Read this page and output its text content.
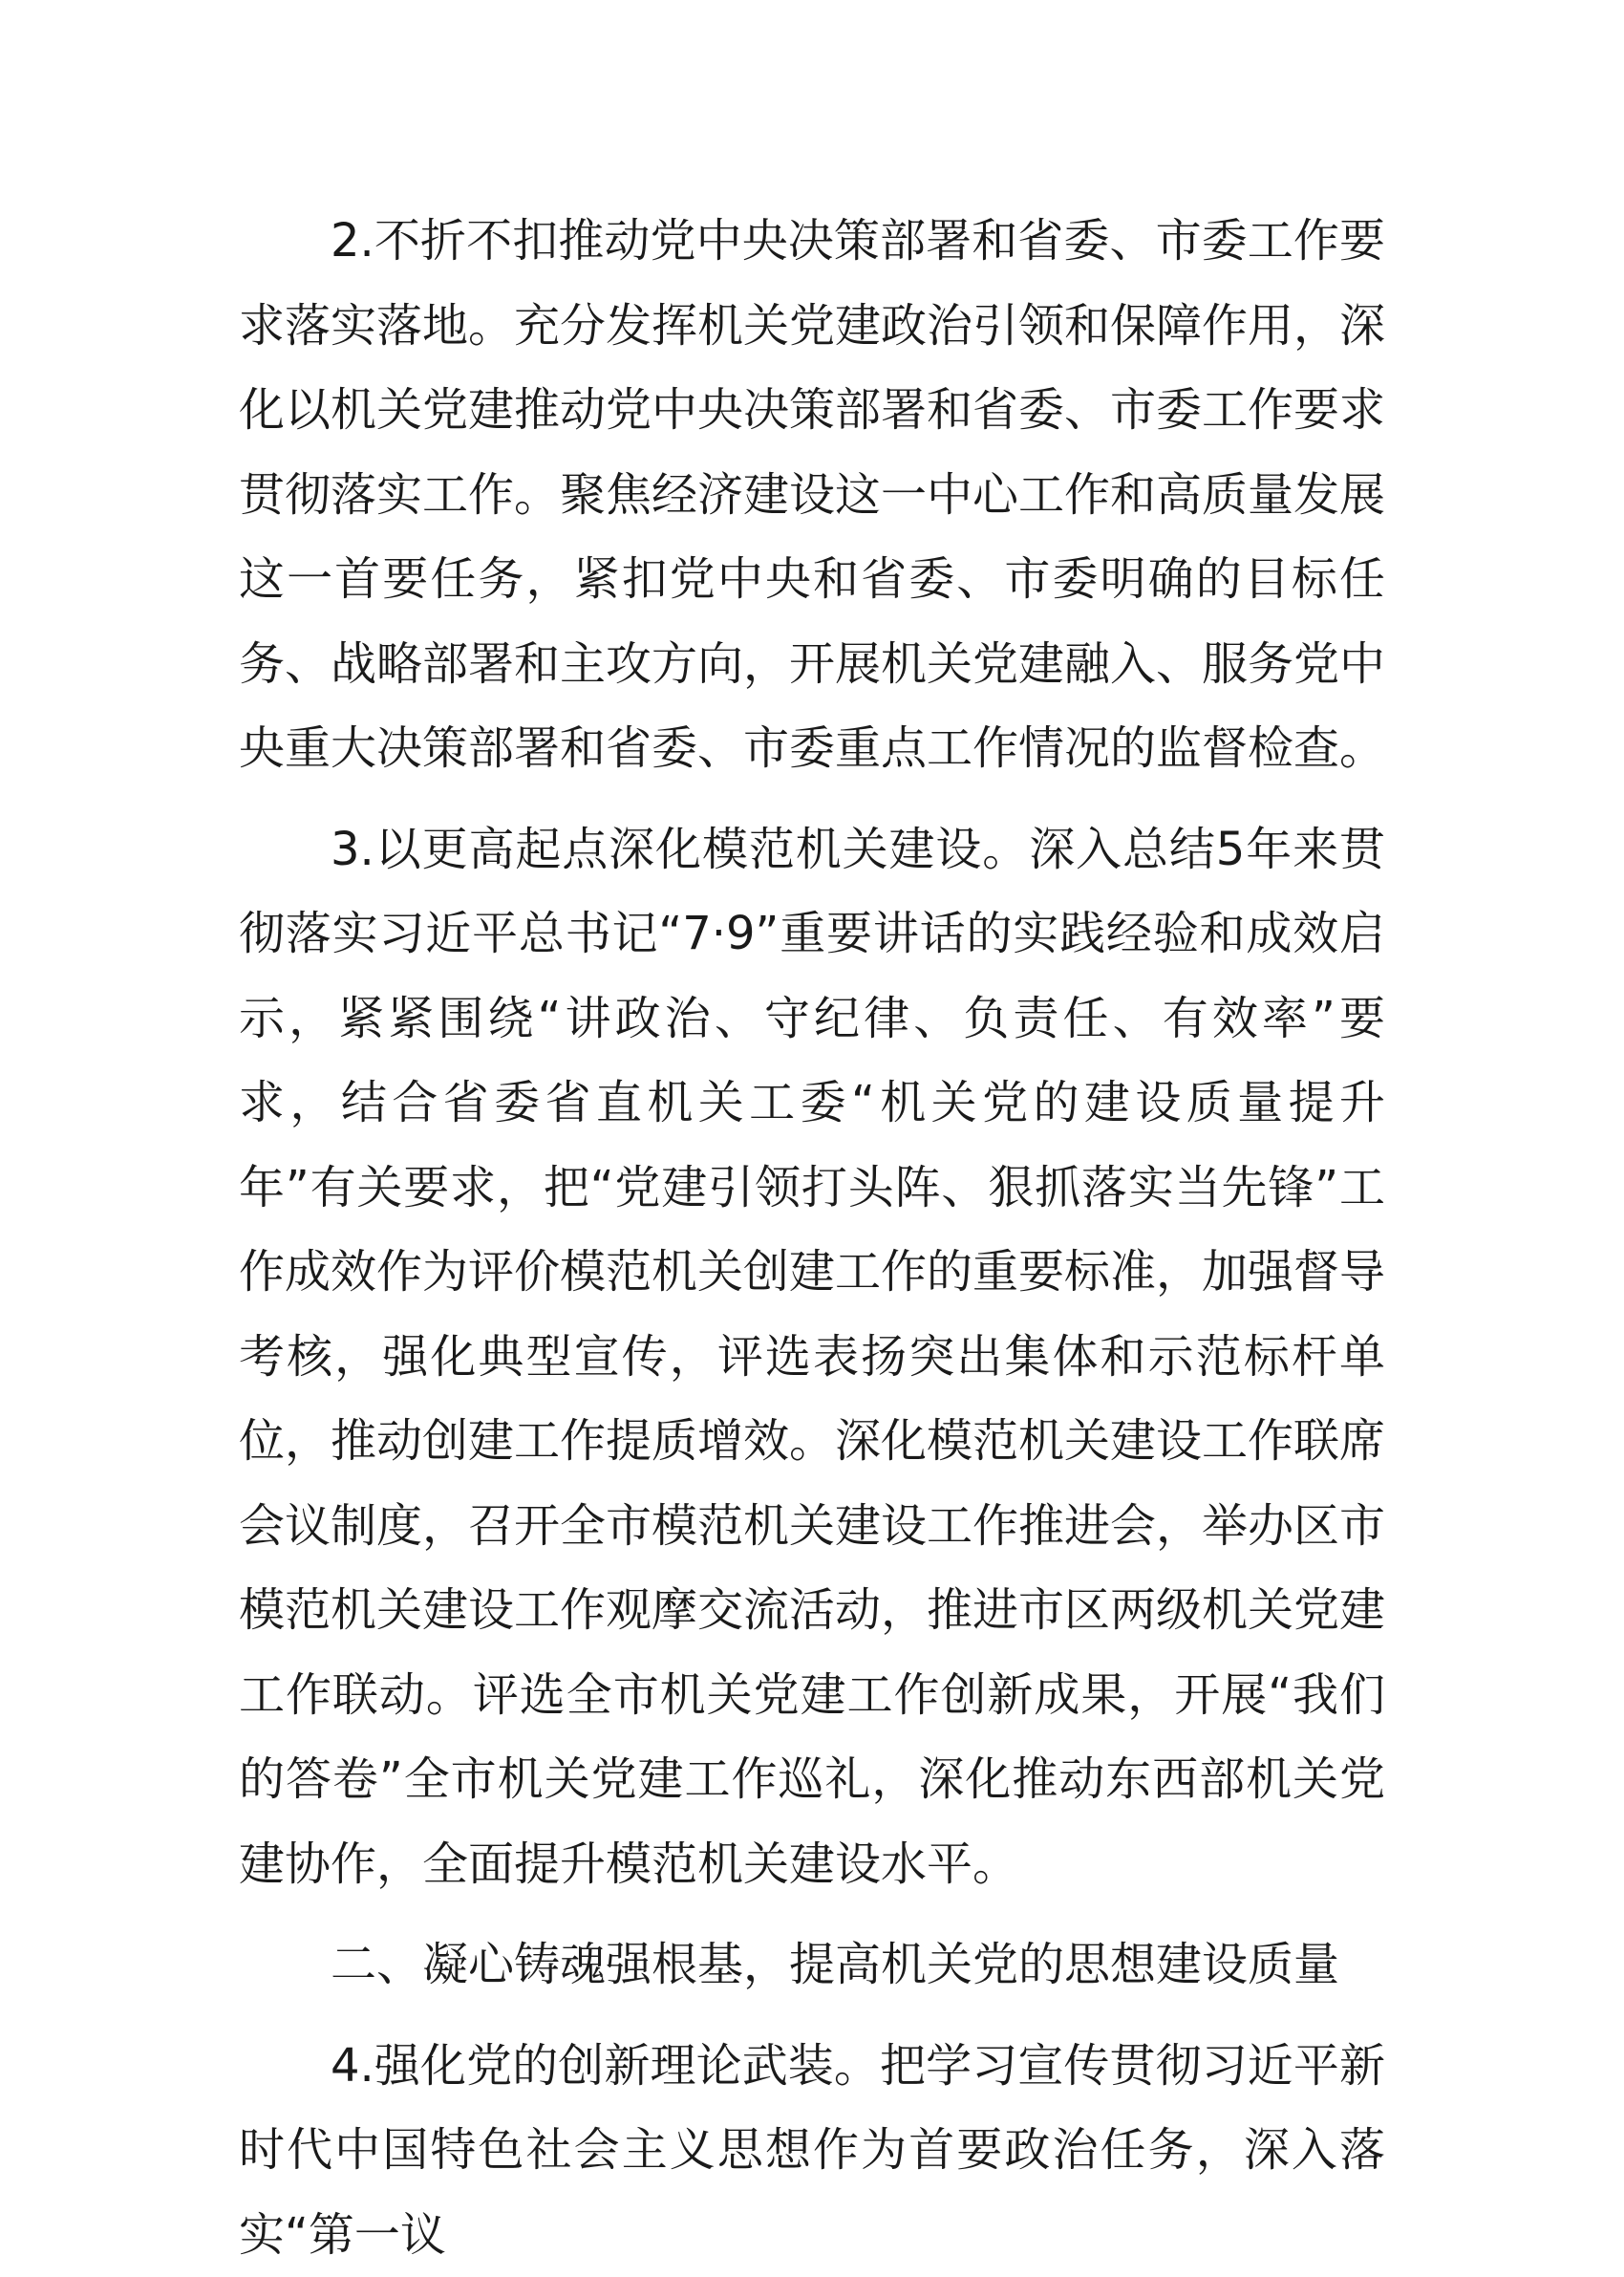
2.不折不扣推动党中央决策部署和省委、市委工作要求落实落地。充分发挥机关党建政治引领和保障作用，深化以机关党建推动党中央决策部署和省委、市委工作要求贯彻落实工作。聚焦经济建设这一中心工作和高质量发展这一首要任务，紧扣党中央和省委、市委明确的目标任务、战略部署和主攻方向，开展机关党建融入、服务党中央重大决策部署和省委、市委重点工作情况的监督检查。

3.以更高起点深化模范机关建设。深入总结5年来贯彻落实习近平总书记“7·9”重要讲话的实践经验和成效启示，紧紧围绕“讲政治、守纪律、负责任、有效率”要求，结合省委省直机关工委“机关党的建设质量提升年”有关要求，把“党建引领打头阵、狠抓落实当先锋”工作成效作为评价模范机关创建工作的重要标准，加强督导考核，强化典型宣传，评选表扬突出集体和示范标杆单位，推动创建工作提质增效。深化模范机关建设工作联席会议制度，召开全市模范机关建设工作推进会，举办区市模范机关建设工作观摩交流活动，推进市区两级机关党建工作联动。评选全市机关党建工作创新成果，开展“我们的答卷”全市机关党建工作巡礼，深化推动东西部机关党建协作，全面提升模范机关建设水平。

二、凝心铸魂强根基，提高机关党的思想建设质量

4.强化党的创新理论武装。把学习宣传贯彻习近平新时代中国特色社会主义思想作为首要政治任务，深入落实“第一议
